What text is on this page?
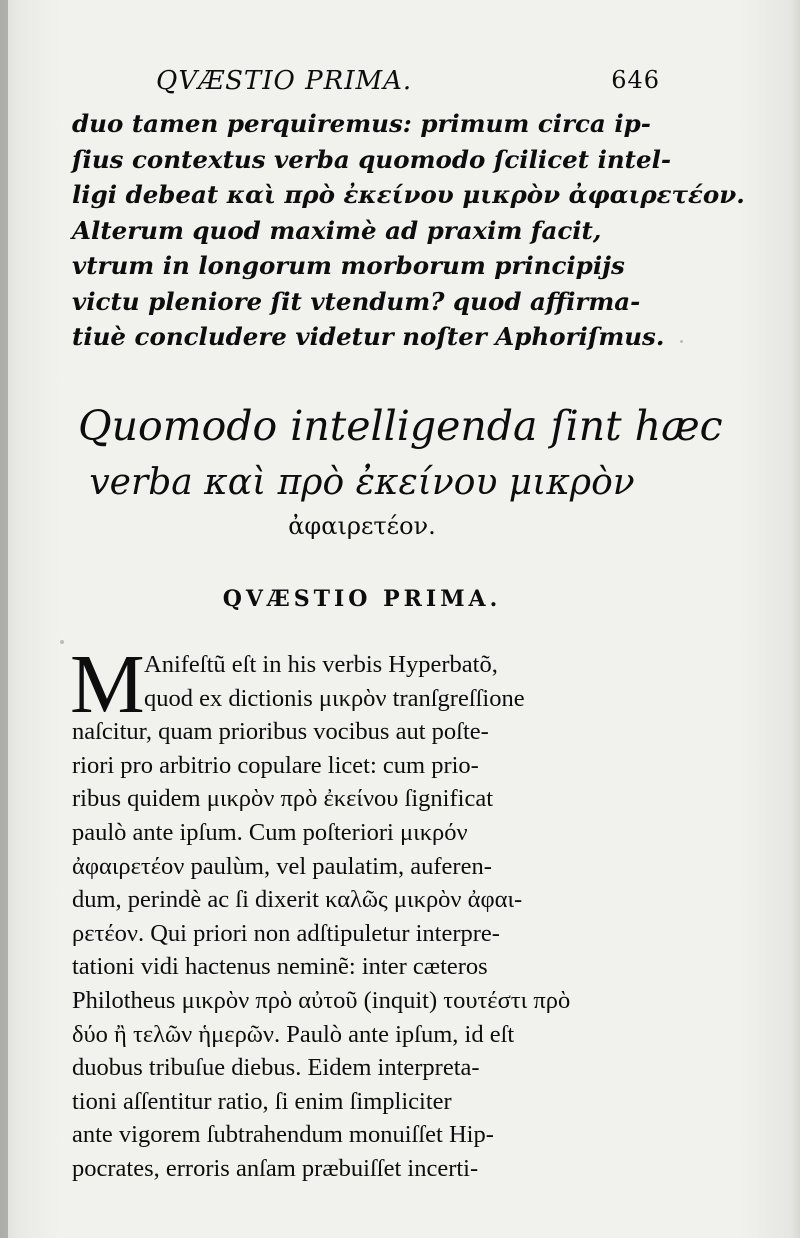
QVÆSTIO PRIMA.	646
duo tamen perquiremus: primum circa ip-
ſius contextus verba quomodo ſcilicet intel-
ligi debeat καὶ πρὸ ἐκείνου μικρὸν ἀφαιρετέον.
Alterum quod maximè ad praxim facit,
vtrum in longorum morborum principiјs
victu pleniore ſit vtendum? quod affirma-
tiuè concludere videtur noſter Aphoriſmus.
Quomodo intelligenda ſint hæc
verba καὶ πρὸ ἐκείνου μικρὸν
ἀφαιρετέον.
QVÆSTIO PRIMA.
M Anifeſtũ eſt in his verbis Hyperbatõ,
quod ex dictionis μικρὸν tranſgreſſione
naſcitur, quam prioribus vocibus aut poſte-
riori pro arbitrio copulare licet: cum prio-
ribus quidem μικρὸν πρὸ ἐκείνου ſignificat
paulò ante ipſum. Cum poſteriori μικρόν
ἀφαιρετέον paulùm, vel paulatim, auferen-
dum, perindè ac ſi dixerit καλῶς μικρὸν ἀφαι-
ρετέον. Qui priori non adſtipuletur interpre-
tationi vidi hactenus neminẽ: inter cæteros
Philotheus μικρὸν πρὸ αὐτοῦ (inquit) τουτέστι πρὸ
δύο ἢ τελῶν ἡμερῶν. Paulò ante ipſum, id eſt
duobus tribuſue diebus. Eidem interpreta-
tioni aſſentitur ratio, ſi enim ſimpliciter
ante vigorem ſubtrahendum monuiſſet Hip-
pocrates, erroris anſam præbuiſſet incerti-
